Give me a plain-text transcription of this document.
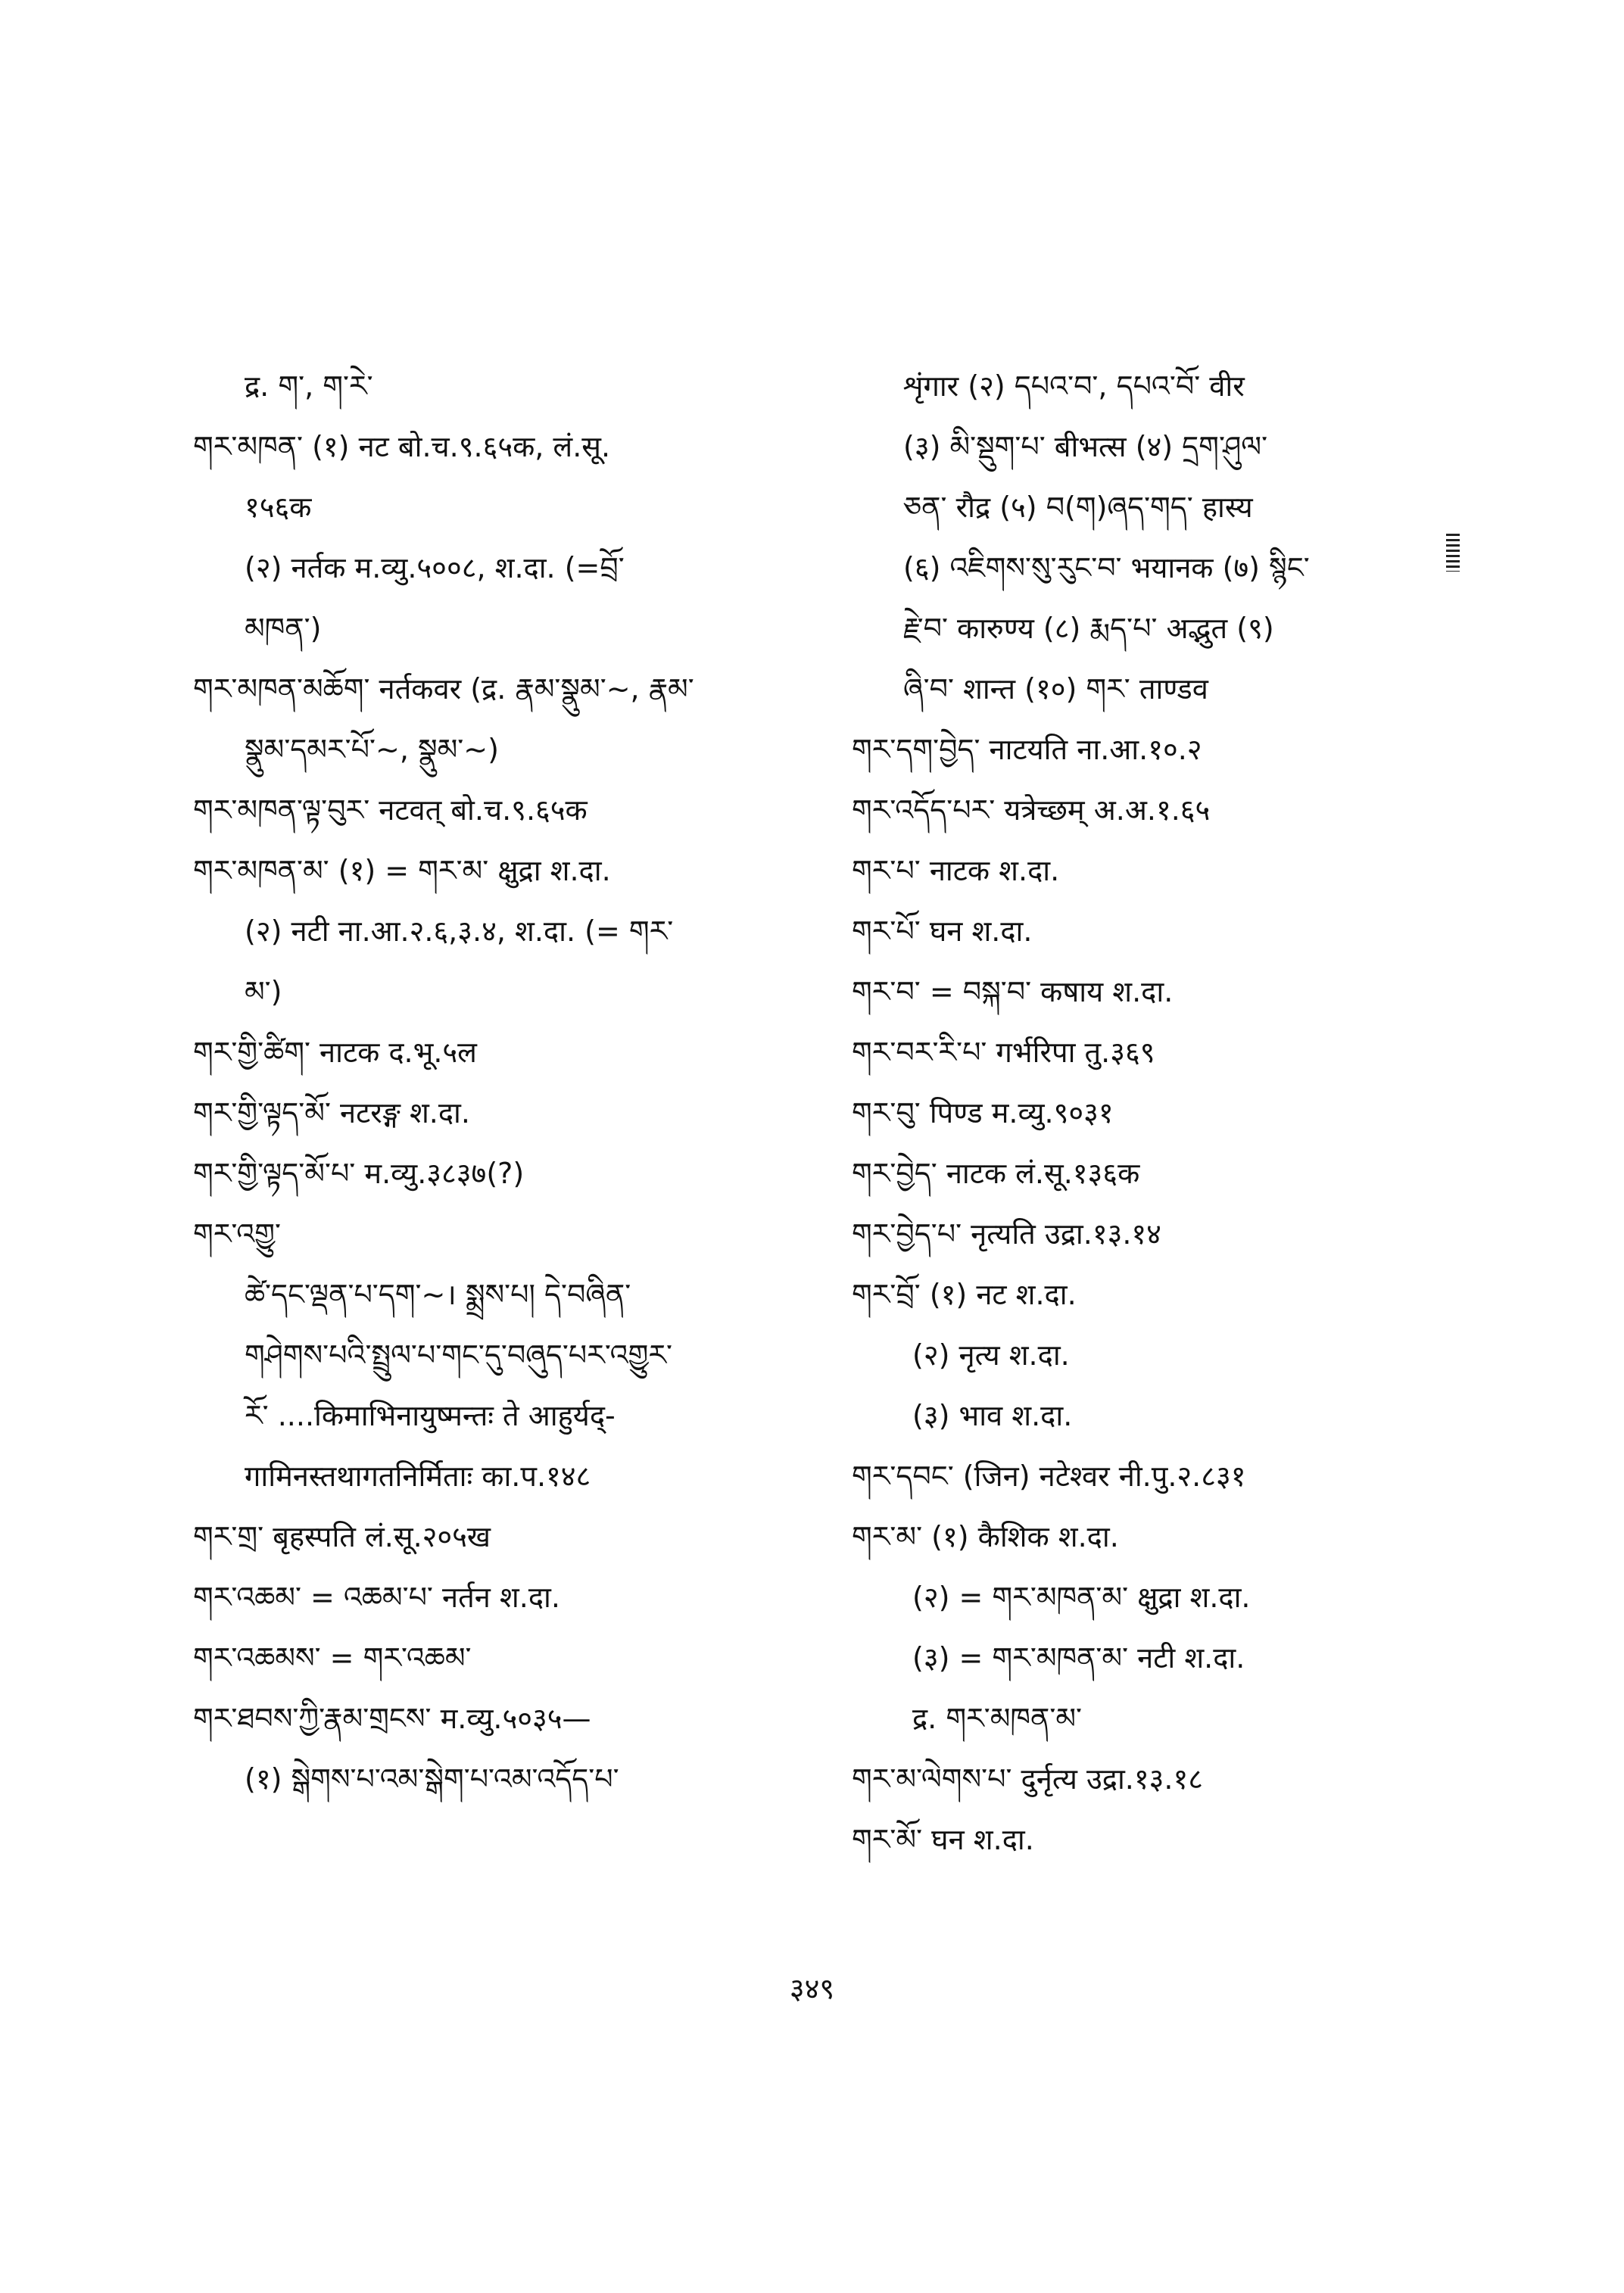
द्र. ག་, ག་རེ་
གར་མཁན་ (१) नट बो.च.९.६५क, लं.सू.
१५६क
(२) नर्तक म.व्यु.५००८, श.दा. (=བྲོ་
མཁན་)
གར་མཁན་མཆོག་ नर्तकवर (द्र. རྣམ་སྣུམ་~, རྣམ་
སྣུམ་དམར་པོ་~, སྣུམ་~)
གར་མཁན་ལྟ་བུར་ नटवत् बो.च.९.६५क
གར་མཁན་མ་ (१) = གར་མ་ क्षुद्रा श.दा.
(२) नटी ना.आ.२.६,३.४, श.दा. (= གར་
མ་)
གར་གྱི་ཚིག་ नाटक द.भू.५ल
གར་གྱི་ལྟད་མོ་ नटरङ्ग श.दा.
གར་གྱི་ལྟད་མོ་པ་ म.व्यु.३८३७(?)
གར་འགྱུ་
ཚེ་དང་ལྡན་པ་དག་~। སྨྲས་པ། དེ་བཞིན་
གཤེགས་པའི་སྤྲུལ་པ་གང་དུ་བཞུད་པར་འགྱུར་
རོ་ ....किमाभिनायुष्मन्तः ते आहुर्यद्-
गामिनस्तथागतनिर्मिताः का.प.१४८
གར་གྲ་ बृहस्पति लं.सू.२०५ख
གར་འཆམ་ = འཆམ་པ་ नर्तन श.दा.
གར་འཆམས་ = གར་འཆམ་
གར་ཐབས་ཀྱི་རྣམ་གྲངས་ म.व्यु.५०३५—
(१) སྒེགས་པ་འམ་སྒེག་པ་འམ་འདོད་པ་
शृंगार (२) དཔའ་བ་, དཔའ་བོ་ वीर
(३) མི་སྡུག་པ་ बीभत्स (४) དྲག་ཤུལ་
ཅན་ रौद्र (५) བ(ག)ཞད་གད་ हास्य
(६) འཇིགས་སུ་རུང་བ་ भयानक (७) སྙིང་
རྗེ་བ་ कारुण्य (८) རྨད་པ་ अद्भुत (९)
ཞི་བ་ शान्त (१०) གར་ ताण्डव
གར་དག་བྱེད་ नाटयति ना.आ.१०.२
གར་འདོད་པར་ यत्रेच्छम् अ.अ.१.६५
གར་པ་ नाटक श.दा.
གར་པོ་ घन श.दा.
གར་བ་ = བསྐ་བ་ कषाय श.दा.
གར་བར་རི་པ་ गर्भरिपा तु.३६९
གར་བུ་ पिण्ड म.व्यु.९०३१
གར་བྱེད་ नाटक लं.सू.१३६क
གར་བྱེད་པ་ नृत्यति उद्रा.१३.१४
གར་བྲོ་ (१) नट श.दा.
(२) नृत्य श.दा.
(३) भाव श.दा.
གར་དབང་ (जिन) नटेश्वर नी.पु.२.८३१
གར་མ་ (१) कैशिक श.दा.
(२) = གར་མཁན་མ་ क्षुद्रा श.दा.
(३) = གར་མཁན་མ་ नटी श.दा.
द्र. གར་མཁན་མ་
གར་མ་ལེགས་པ་ दुर्नृत्य उद्रा.१३.१८
གར་མོ་ घन श.दा.
३४९
